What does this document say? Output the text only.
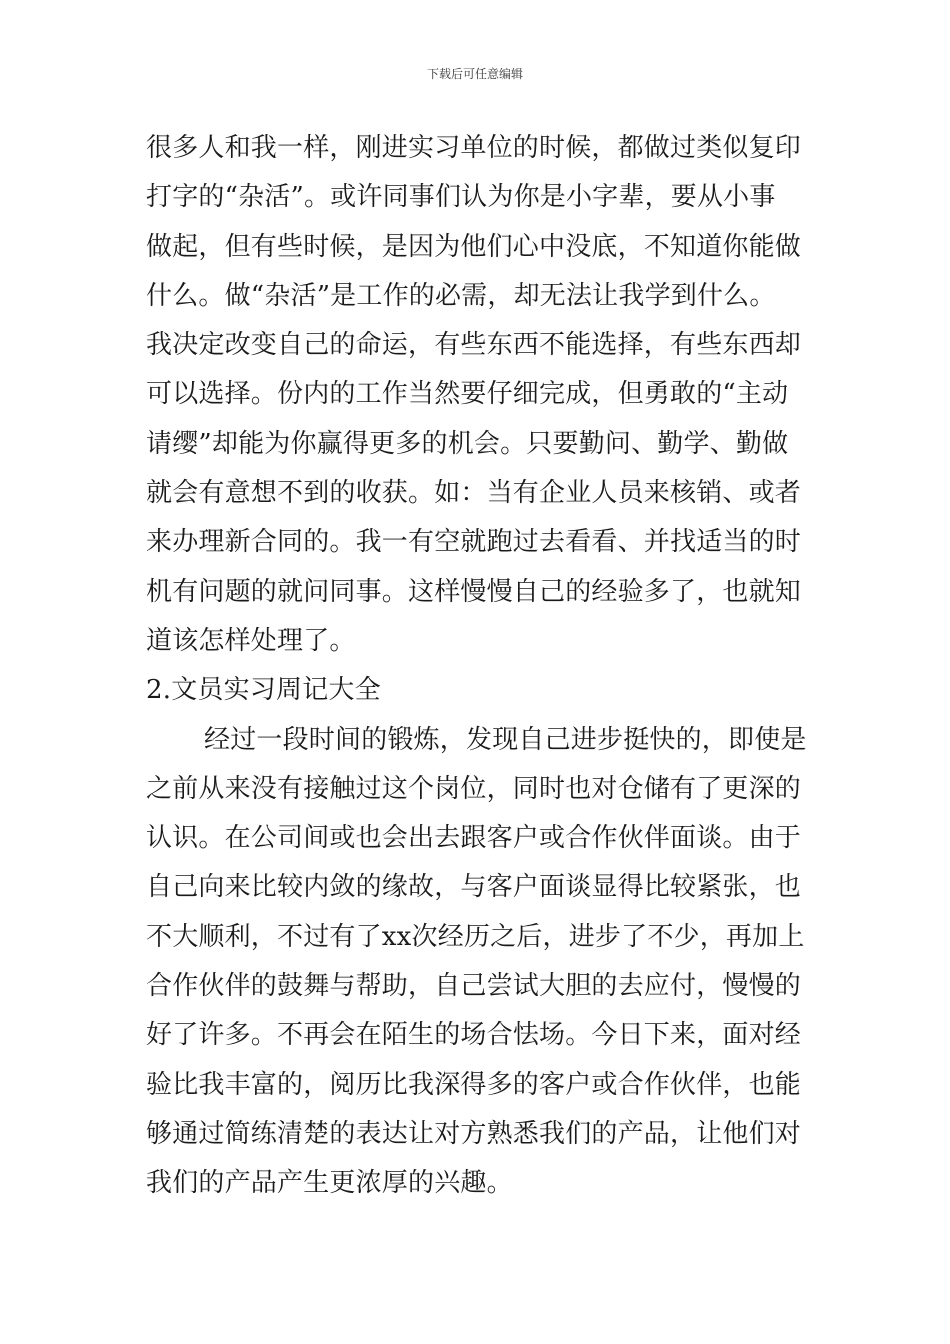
下载后可任意编辑
很多人和我一样，刚进实习单位的时候，都做过类似复印
打字的“杂活”。或许同事们认为你是小字辈，要从小事
做起，但有些时候，是因为他们心中没底，不知道你能做
什么。做“杂活”是工作的必需，却无法让我学到什么。
我决定改变自己的命运，有些东西不能选择，有些东西却
可以选择。份内的工作当然要仔细完成，但勇敢的“主动
请缨”却能为你赢得更多的机会。只要勤问、勤学、勤做
就会有意想不到的收获。如：当有企业人员来核销、或者
来办理新合同的。我一有空就跑过去看看、并找适当的时
机有问题的就问同事。这样慢慢自己的经验多了，也就知
道该怎样处理了。
2.文员实习周记大全
经过一段时间的锻炼，发现自己进步挺快的，即使是
之前从来没有接触过这个岗位，同时也对仓储有了更深的
认识。在公司间或也会出去跟客户或合作伙伴面谈。由于
自己向来比较内敛的缘故，与客户面谈显得比较紧张，也
不大顺利，不过有了xx次经历之后，进步了不少，再加上
合作伙伴的鼓舞与帮助，自己尝试大胆的去应付，慢慢的
好了许多。不再会在陌生的场合怯场。今日下来，面对经
验比我丰富的，阅历比我深得多的客户或合作伙伴，也能
够通过简练清楚的表达让对方熟悉我们的产品，让他们对
我们的产品产生更浓厚的兴趣。
